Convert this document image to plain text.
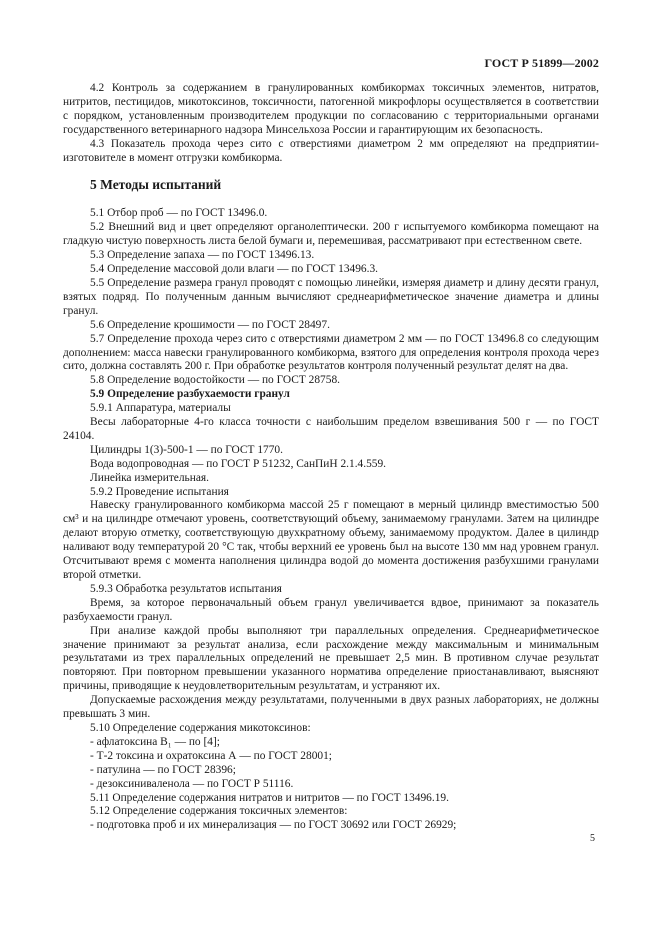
ГОСТ Р 51899—2002

4.2 Контроль за содержанием в гранулированных комбикормах токсичных элементов, нитратов, нитритов, пестицидов, микотоксинов, токсичности, патогенной микрофлоры осуществляется в соответствии с порядком, установленным производителем продукции по согласованию с территориальными органами государственного ветеринарного надзора Минсельхоза России и гарантирующим их безопасность.

4.3 Показатель прохода через сито с отверстиями диаметром 2 мм определяют на предприятии-изготовителе в момент отгрузки комбикорма.

5 Методы испытаний

5.1 Отбор проб — по ГОСТ 13496.0.

5.2 Внешний вид и цвет определяют органолептически. 200 г испытуемого комбикорма помещают на гладкую чистую поверхность листа белой бумаги и, перемешивая, рассматривают при естественном свете.

5.3 Определение запаха — по ГОСТ 13496.13.

5.4 Определение массовой доли влаги — по ГОСТ 13496.3.

5.5 Определение размера гранул проводят с помощью линейки, измеряя диаметр и длину десяти гранул, взятых подряд. По полученным данным вычисляют среднеарифметическое значение диаметра и длины гранул.

5.6 Определение крошимости — по ГОСТ 28497.

5.7 Определение прохода через сито с отверстиями диаметром 2 мм — по ГОСТ 13496.8 со следующим дополнением: масса навески гранулированного комбикорма, взятого для определения контроля прохода через сито, должна составлять 200 г. При обработке результатов контроля полученный результат делят на два.

5.8 Определение водостойкости — по ГОСТ 28758.

5.9 Определение разбухаемости гранул

5.9.1 Аппаратура, материалы

Весы лабораторные 4-го класса точности с наибольшим пределом взвешивания 500 г — по ГОСТ 24104.

Цилиндры 1(3)-500-1 — по ГОСТ 1770.

Вода водопроводная — по ГОСТ Р 51232, СанПиН 2.1.4.559.

Линейка измерительная.

5.9.2 Проведение испытания

Навеску гранулированного комбикорма массой 25 г помещают в мерный цилиндр вместимостью 500 см³ и на цилиндре отмечают уровень, соответствующий объему, занимаемому гранулами. Затем на цилиндре делают вторую отметку, соответствующую двухкратному объему, занимаемому продуктом. Далее в цилиндр наливают воду температурой 20 °С так, чтобы верхний ее уровень был на высоте 130 мм над уровнем гранул. Отсчитывают время с момента наполнения цилиндра водой до момента достижения разбухшими гранулами второй отметки.

5.9.3 Обработка результатов испытания

Время, за которое первоначальный объем гранул увеличивается вдвое, принимают за показатель разбухаемости гранул.

При анализе каждой пробы выполняют три параллельных определения. Среднеарифметическое значение принимают за результат анализа, если расхождение между максимальным и минимальным результатами из трех параллельных определений не превышает 2,5 мин. В противном случае результат повторяют. При повторном превышении указанного норматива определение приостанавливают, выясняют причины, приводящие к неудовлетворительным результатам, и устраняют их.

Допускаемые расхождения между результатами, полученными в двух разных лабораториях, не должны превышать 3 мин.

5.10 Определение содержания микотоксинов:

- афлатоксина B₁ — по [4];

- Т-2 токсина и охратоксина А — по ГОСТ 28001;

- патулина — по ГОСТ 28396;

- дезоксиниваленола — по ГОСТ Р 51116.

5.11 Определение содержания нитратов и нитритов — по ГОСТ 13496.19.

5.12 Определение содержания токсичных элементов:

- подготовка проб и их минерализация — по ГОСТ 30692 или ГОСТ 26929;

5
